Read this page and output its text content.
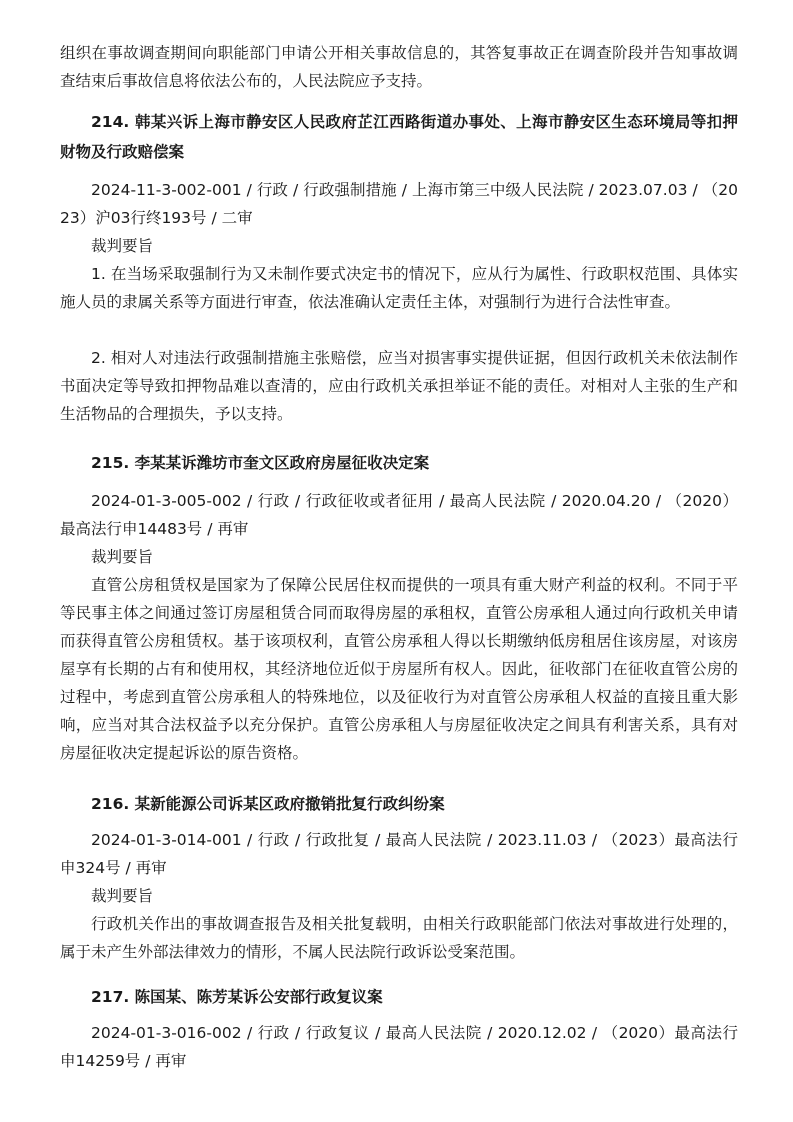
组织在事故调查期间向职能部门申请公开相关事故信息的，其答复事故正在调查阶段并告知事故调查结束后事故信息将依法公布的，人民法院应予支持。

214. 韩某兴诉上海市静安区人民政府芷江西路街道办事处、上海市静安区生态环境局等扣押财物及行政赔偿案

2024-11-3-002-001 / 行政 / 行政强制措施 / 上海市第三中级人民法院 / 2023.07.03 / （2023）沪03行终193号 / 二审

裁判要旨

1. 在当场采取强制行为又未制作要式决定书的情况下，应从行为属性、行政职权范围、具体实施人员的隶属关系等方面进行审查，依法准确认定责任主体，对强制行为进行合法性审查。

2. 相对人对违法行政强制措施主张赔偿，应当对损害事实提供证据，但因行政机关未依法制作书面决定等导致扣押物品难以查清的，应由行政机关承担举证不能的责任。对相对人主张的生产和生活物品的合理损失，予以支持。

215. 李某某诉潍坊市奎文区政府房屋征收决定案

2024-01-3-005-002 / 行政 / 行政征收或者征用 / 最高人民法院 / 2020.04.20 / （2020）最高法行申14483号 / 再审

裁判要旨

直管公房租赁权是国家为了保障公民居住权而提供的一项具有重大财产利益的权利。不同于平等民事主体之间通过签订房屋租赁合同而取得房屋的承租权，直管公房承租人通过向行政机关申请而获得直管公房租赁权。基于该项权利，直管公房承租人得以长期缴纳低房租居住该房屋，对该房屋享有长期的占有和使用权，其经济地位近似于房屋所有权人。因此，征收部门在征收直管公房的过程中，考虑到直管公房承租人的特殊地位，以及征收行为对直管公房承租人权益的直接且重大影响，应当对其合法权益予以充分保护。直管公房承租人与房屋征收决定之间具有利害关系，具有对房屋征收决定提起诉讼的原告资格。

216. 某新能源公司诉某区政府撤销批复行政纠纷案

2024-01-3-014-001 / 行政 / 行政批复 / 最高人民法院 / 2023.11.03 / （2023）最高法行申324号 / 再审

裁判要旨

行政机关作出的事故调查报告及相关批复载明，由相关行政职能部门依法对事故进行处理的，属于未产生外部法律效力的情形，不属人民法院行政诉讼受案范围。

217. 陈国某、陈芳某诉公安部行政复议案

2024-01-3-016-002 / 行政 / 行政复议 / 最高人民法院 / 2020.12.02 / （2020）最高法行申14259号 / 再审
